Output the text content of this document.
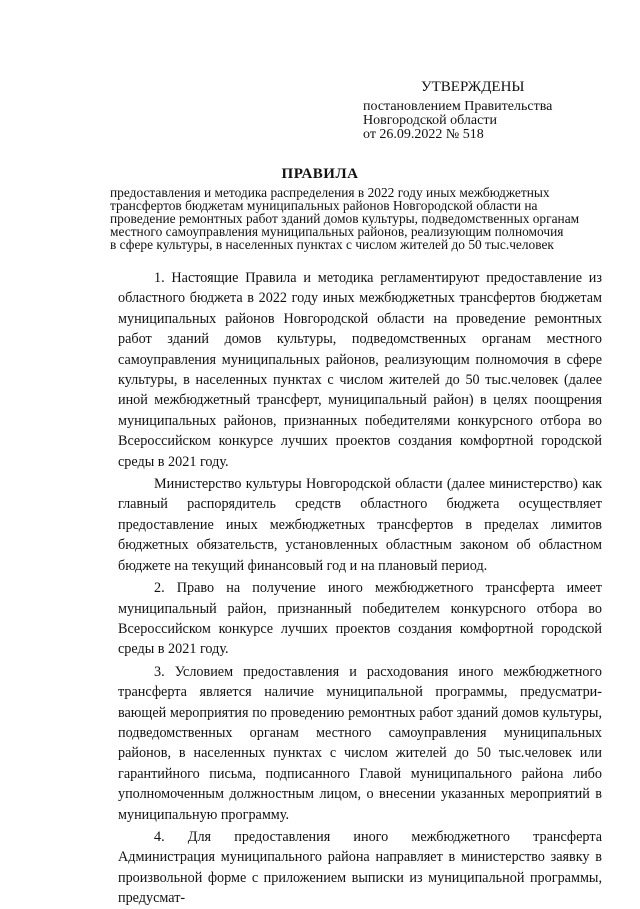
УТВЕРЖДЕНЫ
постановлением Правительства
Новгородской области
от 26.09.2022 № 518
ПРАВИЛА
предоставления и методика распределения в 2022 году иных межбюджетных
трансфертов бюджетам муниципальных районов Новгородской области на
проведение ремонтных работ зданий домов культуры, подведомственных органам
местного самоуправления муниципальных районов, реализующим полномочия
в сфере культуры, в населенных пунктах с числом жителей до 50 тыс.человек

1. Настоящие Правила и методика регламентируют предоставление из областного бюджета в 2022 году иных межбюджетных трансфертов бюджетам муниципальных районов Новгородской области на проведение ремонтных работ зданий домов культуры, подведомственных органам местного самоуправления муниципальных районов, реализующим полномочия в сфере культуры, в населенных пунктах с числом жителей до 50 тыс.человек (далее иной межбюджетный трансферт, муниципальный район) в целях поощрения муниципальных районов, признанных победителями конкурсного отбора во Всероссийском конкурсе лучших проектов создания комфортной городской среды в 2021 году.

Министерство культуры Новгородской области (далее министерство) как главный распорядитель средств областного бюджета осуществляет предоставление иных межбюджетных трансфертов в пределах лимитов бюджетных обязательств, установленных областным законом об областном бюджете на текущий финансовый год и на плановый период.

2. Право на получение иного межбюджетного трансферта имеет муниципальный район, признанный победителем конкурсного отбора во Всероссийском конкурсе лучших проектов создания комфортной городской среды в 2021 году.

3. Условием предоставления и расходования иного межбюджетного трансферта является наличие муниципальной программы, предусматри-вающей мероприятия по проведению ремонтных работ зданий домов культуры, подведомственных органам местного самоуправления муниципальных районов, в населенных пунктах с числом жителей до 50 тыс.человек или гарантийного письма, подписанного Главой муниципального района либо уполномоченным должностным лицом, о внесении указанных мероприятий в муниципальную программу.

4. Для предоставления иного межбюджетного трансферта Администрация муниципального района направляет в министерство заявку в произвольной форме с приложением выписки из муниципальной программы, предусмат-
